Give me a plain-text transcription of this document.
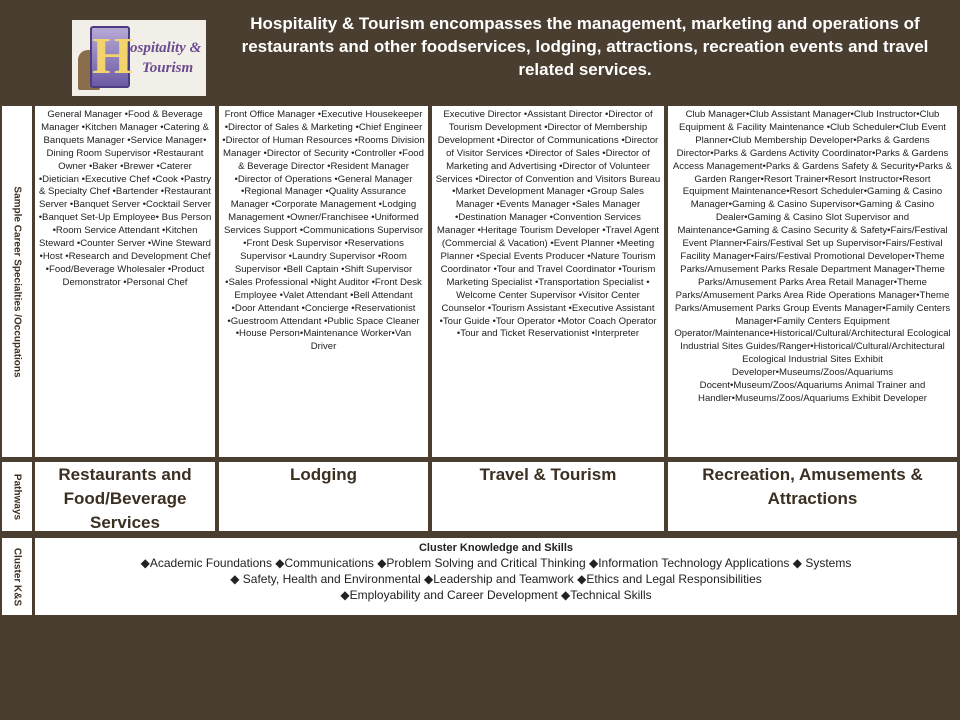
H
ospitality &
Tourism
Hospitality & Tourism encompasses the management, marketing and operations of restaurants and other foodservices, lodging, attractions, recreation events and travel related services.
Sample Career Specialties /Occupations
Pathways
Cluster K&S
General Manager •Food & Beverage Manager •Kitchen Manager •Catering & Banquets Manager •Service Manager• Dining Room Supervisor •Restaurant Owner •Baker •Brewer •Caterer •Dietician •Executive Chef •Cook •Pastry & Specialty Chef •Bartender •Restaurant Server •Banquet Server •Cocktail Server •Banquet Set-Up Employee• Bus Person •Room Service Attendant •Kitchen Steward •Counter Server •Wine Steward •Host •Research and Development Chef •Food/Beverage Wholesaler •Product Demonstrator •Personal Chef
Front Office Manager •Executive Housekeeper •Director of Sales & Marketing •Chief Engineer •Director of Human Resources •Rooms Division Manager •Director of Security •Controller •Food & Beverage Director •Resident Manager •Director of Operations •General Manager •Regional Manager •Quality Assurance Manager •Corporate Management •Lodging Management •Owner/Franchisee •Uniformed Services Support •Communications Supervisor •Front Desk Supervisor •Reservations Supervisor •Laundry Supervisor •Room Supervisor •Bell Captain •Shift Supervisor •Sales Professional •Night Auditor •Front Desk Employee •Valet Attendant •Bell Attendant •Door Attendant •Concierge •Reservationist •Guestroom Attendant •Public Space Cleaner •House Person•Maintenance Worker•Van Driver
Executive Director •Assistant Director •Director of Tourism Development •Director of Membership Development •Director of Communications •Director of Visitor Services •Director of Sales •Director of Marketing and Advertising •Director of Volunteer Services •Director of Convention and Visitors Bureau •Market Development Manager •Group Sales Manager •Events Manager •Sales Manager •Destination Manager •Convention Services Manager •Heritage Tourism Developer •Travel Agent (Commercial & Vacation) •Event Planner •Meeting Planner •Special Events Producer •Nature Tourism Coordinator •Tour and Travel Coordinator •Tourism Marketing Specialist •Transportation Specialist • Welcome Center Supervisor •Visitor Center Counselor •Tourism Assistant •Executive Assistant •Tour Guide •Tour Operator •Motor Coach Operator •Tour and Ticket Reservationist •Interpreter
Club Manager•Club Assistant Manager•Club Instructor•Club Equipment & Facility Maintenance •Club Scheduler•Club Event Planner•Club Membership Developer•Parks & Gardens Director•Parks & Gardens Activity Coordinator•Parks & Gardens Access Management•Parks & Gardens Safety & Security•Parks & Garden Ranger•Resort Trainer•Resort Instructor•Resort Equipment Maintenance•Resort Scheduler•Gaming & Casino Manager•Gaming & Casino Supervisor•Gaming & Casino Dealer•Gaming & Casino Slot Supervisor and Maintenance•Gaming & Casino Security & Safety•Fairs/Festival Event Planner•Fairs/Festival Set up Supervisor•Fairs/Festival Facility Manager•Fairs/Festival Promotional Developer•Theme Parks/Amusement Parks Resale Department Manager•Theme Parks/Amusement Parks Area Retail Manager•Theme Parks/Amusement Parks Area Ride Operations Manager•Theme Parks/Amusement Parks Group Events Manager•Family Centers Manager•Family Centers Equipment Operator/Maintenance•Historical/Cultural/Architectural Ecological Industrial Sites Guides/Ranger•Historical/Cultural/Architectural Ecological Industrial Sites Exhibit Developer•Museums/Zoos/Aquariums Docent•Museum/Zoos/Aquariums Animal Trainer and Handler•Museums/Zoos/Aquariums Exhibit Developer
Restaurants and Food/Beverage Services
Lodging	Travel & Tourism	Recreation, Amusements & Attractions
Cluster Knowledge and Skills
◆Academic Foundations ◆Communications ◆Problem Solving and Critical Thinking ◆Information Technology Applications ◆ Systems
◆ Safety, Health and Environmental ◆Leadership and Teamwork ◆Ethics and Legal Responsibilities
◆Employability and Career Development ◆Technical Skills
